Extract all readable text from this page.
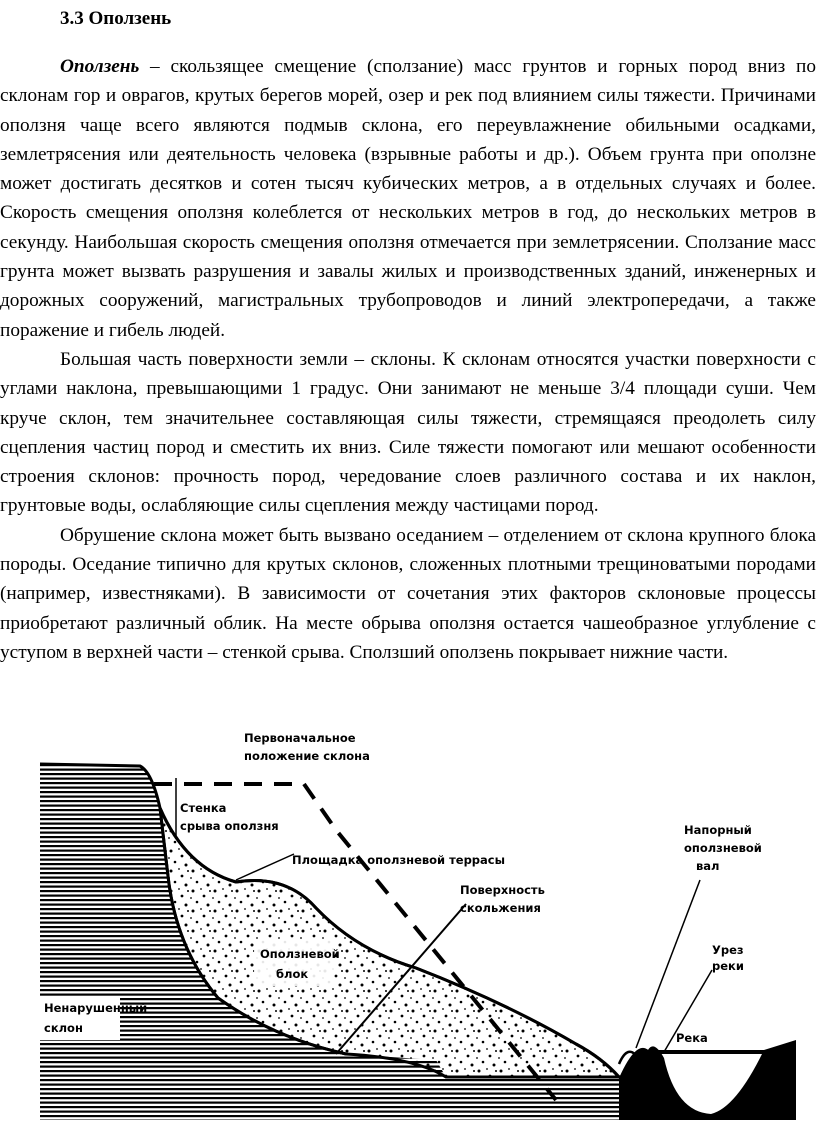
3.3 Оползень

Оползень – скользящее смещение (сползание) масс грунтов и горных пород вниз по склонам гор и оврагов, крутых берегов морей, озер и рек под влиянием силы тяжести. Причинами оползня чаще всего являются подмыв склона, его переувлажнение обильными осадками, землетрясения или деятельность человека (взрывные работы и др.). Объем грунта при оползне может достигать десятков и сотен тысяч кубических метров, а в отдельных случаях и более. Скорость смещения оползня колеблется от нескольких метров в год, до нескольких метров в секунду. Наибольшая скорость смещения оползня отмечается при землетрясении. Сползание масс грунта может вызвать разрушения и завалы жилых и производственных зданий, инженерных и дорожных сооружений, магистральных трубопроводов и линий электропередачи, а также поражение и гибель людей.

Большая часть поверхности земли – склоны. К склонам относятся участки поверхности с углами наклона, превышающими 1 градус. Они занимают не меньше 3/4 площади суши. Чем круче склон, тем значительнее составляющая силы тяжести, стремящаяся преодолеть силу сцепления частиц пород и сместить их вниз. Силе тяжести помогают или мешают особенности строения склонов: прочность пород, чередование слоев различного состава и их наклон, грунтовые воды, ослабляющие силы сцепления между частицами пород.

Обрушение склона может быть вызвано оседанием – отделением от склона крупного блока породы. Оседание типично для крутых склонов, сложенных плотными трещиноватыми породами (например, известняками). В зависимости от сочетания этих факторов склоновые процессы приобретают различный облик. На месте обрыва оползня остается чашеобразное углубление с уступом в верхней части – стенкой срыва. Сползший оползень покрывает нижние части.

Первоначальное
положение склона
Стенка
срыва оползня
Площадка оползневой террасы
Поверхность
скольжения
Оползневой
блок
Ненарушенный
склон
Напорный
оползневой
вал
Урез
реки
Река
